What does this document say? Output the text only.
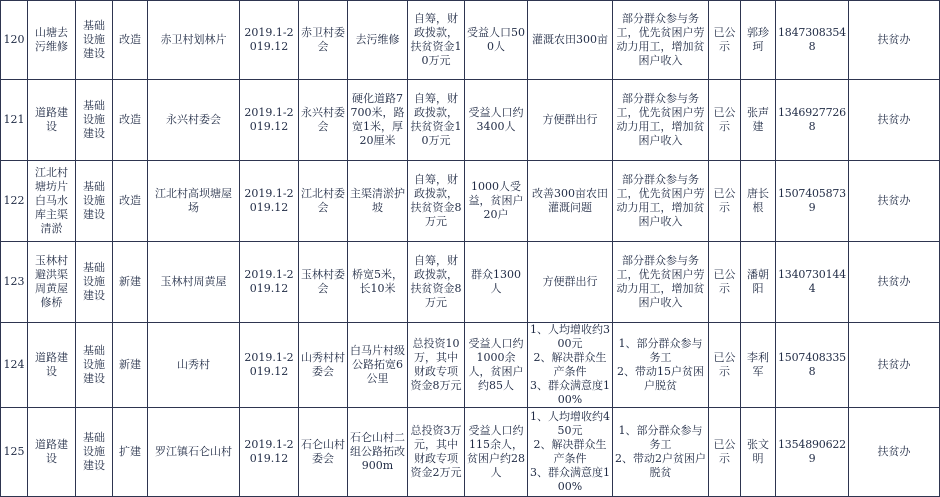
120	山塘去污维修	基础设施建设	改造	赤卫村划林片	2019.1-2019.12	赤卫村委会	去污维修	自筹，财政拨款，扶贫资金10万元	受益人口500人	灌溉农田300亩	部分群众参与务工，优先贫困户劳动力用工，增加贫困户收入	已公示	郭珍珂	18473083548	扶贫办

121	道路建设	基础设施建设	改造	永兴村委会	2019.1-2019.12	永兴村委会	硬化道路7700米，路宽1米，厚20厘米	自筹，财政拨款，扶贫资金10万元	受益人口约3400人	方便群出行	部分群众参与务工，优先贫困户劳动力用工，增加贫困户收入	已公示	张声建	13469277268	扶贫办

122	江北村塘坊片白马水库主渠清淤	基础设施建设	改造	江北村高坝塘屋场	2019.1-2019.12	江北村委会	主渠清淤护坡	自筹，财政拨款，扶贫资金8万元	1000人受益，贫困户20户	改善300亩农田灌溉问题	部分群众参与务工，优先贫困户劳动力用工，增加贫困户收入	已公示	唐长根	15074058739	扶贫办

123	玉林村避洪渠周黄屋修桥	基础设施建设	新建	玉林村周黄屋	2019.1-2019.12	玉林村委会	桥宽5米，长10米	自筹，财政拨款，扶贫资金8万元	群众1300人	方便群出行	部分群众参与务工，优先贫困户劳动力用工，增加贫困户收入	已公示	潘朝阳	13407301444	扶贫办

124	道路建设	基础设施建设	新建	山秀村	2019.1-2019.12	山秀村村委会	白马片村级公路拓宽6公里	总投资10万，其中财政专项资金8万元	受益人口约1000余人，贫困户约85人	1、人均增收约300元
2、解决群众生产条件
3、群众满意度100%	1、部分群众参与务工
2、带动15户贫困户脱贫	已公示	李利军	15074083358	扶贫办

125	道路建设	基础设施建设	扩建	罗江镇石仑山村	2019.1-2019.12	石仑山村委会	石仑山村二组公路拓改900m	总投资3万元，其中财政专项资金2万元	受益人口约115余人，贫困户约28人	1、人均增收约450元
2、解决群众生产条件
3、群众满意度100%	1、部分群众参与务工
2、带动2户贫困户脱贫	已公示	张文明	13548906229	扶贫办
